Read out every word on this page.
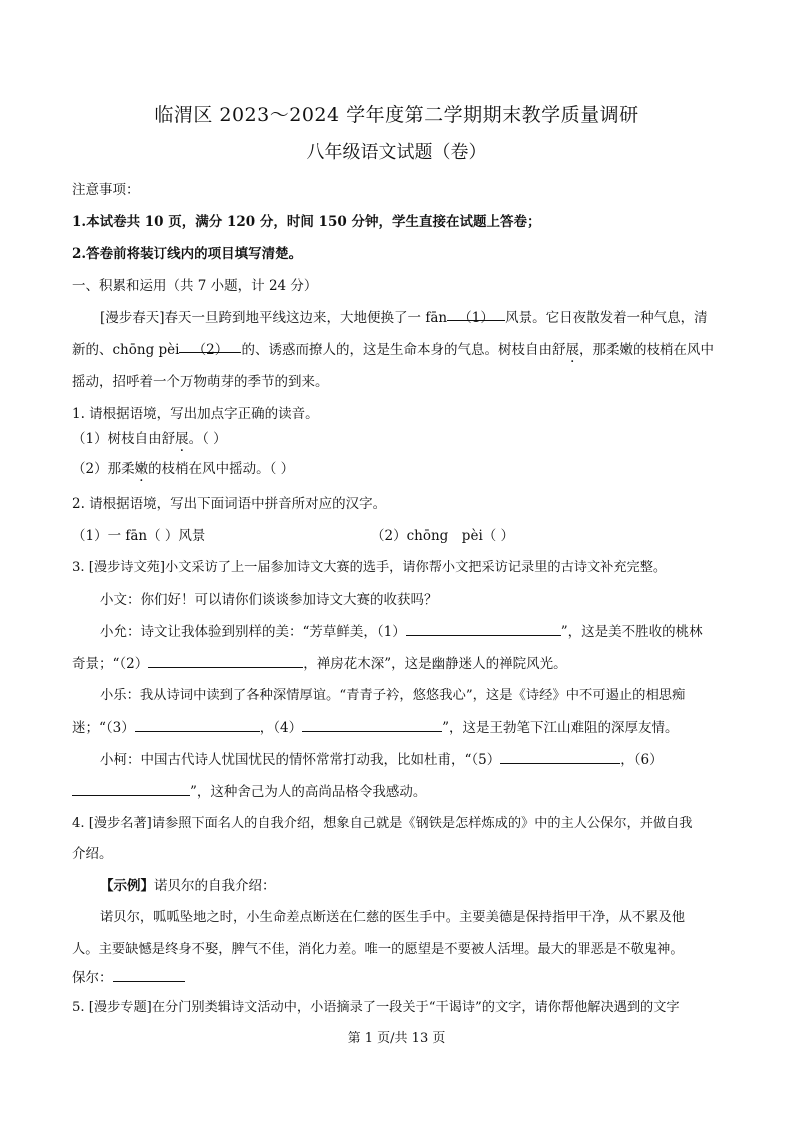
临渭区 2023～2024 学年度第二学期期末教学质量调研
八年级语文试题（卷）
注意事项：
1.本试卷共 10 页，满分 120 分，时间 150 分钟，学生直接在试题上答卷；
2.答卷前将装订线内的项目填写清楚。
一、积累和运用（共 7 小题，计 24 分）
[漫步春天]春天一旦跨到地平线这边来，大地便换了一 fān （1） 风景。它日夜散发着一种气息，清
新的、chōng pèi （2） 的、诱惑而撩人的，这是生命本身的气息。树枝自由舒展，那柔嫩的枝梢在风中
摇动，招呼着一个万物萌芽的季节的到来。
1. 请根据语境，写出加点字正确的读音。
（1）树枝自由舒展。（ ）
（2）那柔嫩的枝梢在风中摇动。（ ）
2. 请根据语境，写出下面词语中拼音所对应的汉字。
（1）一 fān（ ）风景	（2）chōng　pèi（ ）
3. [漫步诗文苑]小文采访了上一届参加诗文大赛的选手，请你帮小文把采访记录里的古诗文补充完整。
小文：你们好！可以请你们谈谈参加诗文大赛的收获吗？
小允：诗文让我体验到别样的美：“芳草鲜美，（1）	”，这是美不胜收的桃林
奇景；“（2）	，禅房花木深”，这是幽静迷人的禅院风光。
小乐：我从诗词中读到了各种深情厚谊。“青青子衿，悠悠我心”，这是《诗经》中不可遏止的相思痴
迷；“（3）	，（4）	”，这是王勃笔下江山难阻的深厚友情。
小柯：中国古代诗人忧国忧民的情怀常常打动我，比如杜甫，“（5）	，（6）
”，这种舍己为人的高尚品格令我感动。
4. [漫步名著]请参照下面名人的自我介绍，想象自己就是《钢铁是怎样炼成的》中的主人公保尔，并做自我
介绍。
【示例】诺贝尔的自我介绍：
诺贝尔，呱呱坠地之时，小生命差点断送在仁慈的医生手中。主要美德是保持指甲干净，从不累及他
人。主要缺憾是终身不娶，脾气不佳，消化力差。唯一的愿望是不要被人活埋。最大的罪恶是不敬鬼神。
保尔：
5. [漫步专题]在分门别类辑诗文活动中，小语摘录了一段关于“干谒诗”的文字，请你帮他解决遇到的文字
第 1 页/共 13 页
